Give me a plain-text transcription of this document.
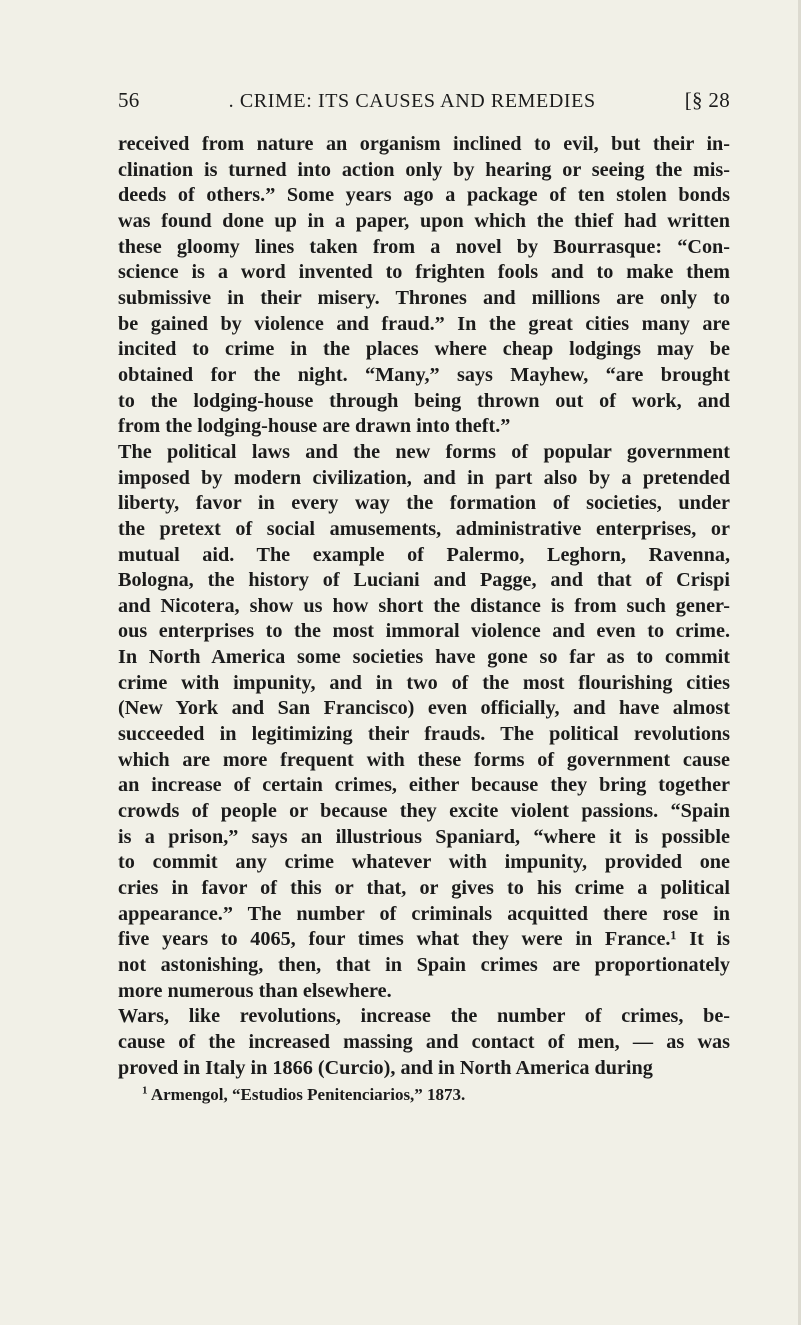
56	. CRIME: ITS CAUSES AND REMEDIES	[§ 28
received from nature an organism inclined to evil, but their in-
clination is turned into action only by hearing or seeing the mis-
deeds of others.” Some years ago a package of ten stolen bonds
was found done up in a paper, upon which the thief had written
these gloomy lines taken from a novel by Bourrasque: “Con-
science is a word invented to frighten fools and to make them
submissive in their misery. Thrones and millions are only to
be gained by violence and fraud.” In the great cities many are
incited to crime in the places where cheap lodgings may be
obtained for the night. “Many,” says Mayhew, “are brought
to the lodging-house through being thrown out of work, and
from the lodging-house are drawn into theft.”
The political laws and the new forms of popular government
imposed by modern civilization, and in part also by a pretended
liberty, favor in every way the formation of societies, under
the pretext of social amusements, administrative enterprises, or
mutual aid. The example of Palermo, Leghorn, Ravenna,
Bologna, the history of Luciani and Pagge, and that of Crispi
and Nicotera, show us how short the distance is from such gener-
ous enterprises to the most immoral violence and even to crime.
In North America some societies have gone so far as to commit
crime with impunity, and in two of the most flourishing cities
(New York and San Francisco) even officially, and have almost
succeeded in legitimizing their frauds. The political revolutions
which are more frequent with these forms of government cause
an increase of certain crimes, either because they bring together
crowds of people or because they excite violent passions. “Spain
is a prison,” says an illustrious Spaniard, “where it is possible
to commit any crime whatever with impunity, provided one
cries in favor of this or that, or gives to his crime a political
appearance.” The number of criminals acquitted there rose in
five years to 4065, four times what they were in France.¹ It is
not astonishing, then, that in Spain crimes are proportionately
more numerous than elsewhere.
Wars, like revolutions, increase the number of crimes, be-
cause of the increased massing and contact of men, — as was
proved in Italy in 1866 (Curcio), and in North America during
$^1$ Armengol, “Estudios Penitenciarios,” 1873.
